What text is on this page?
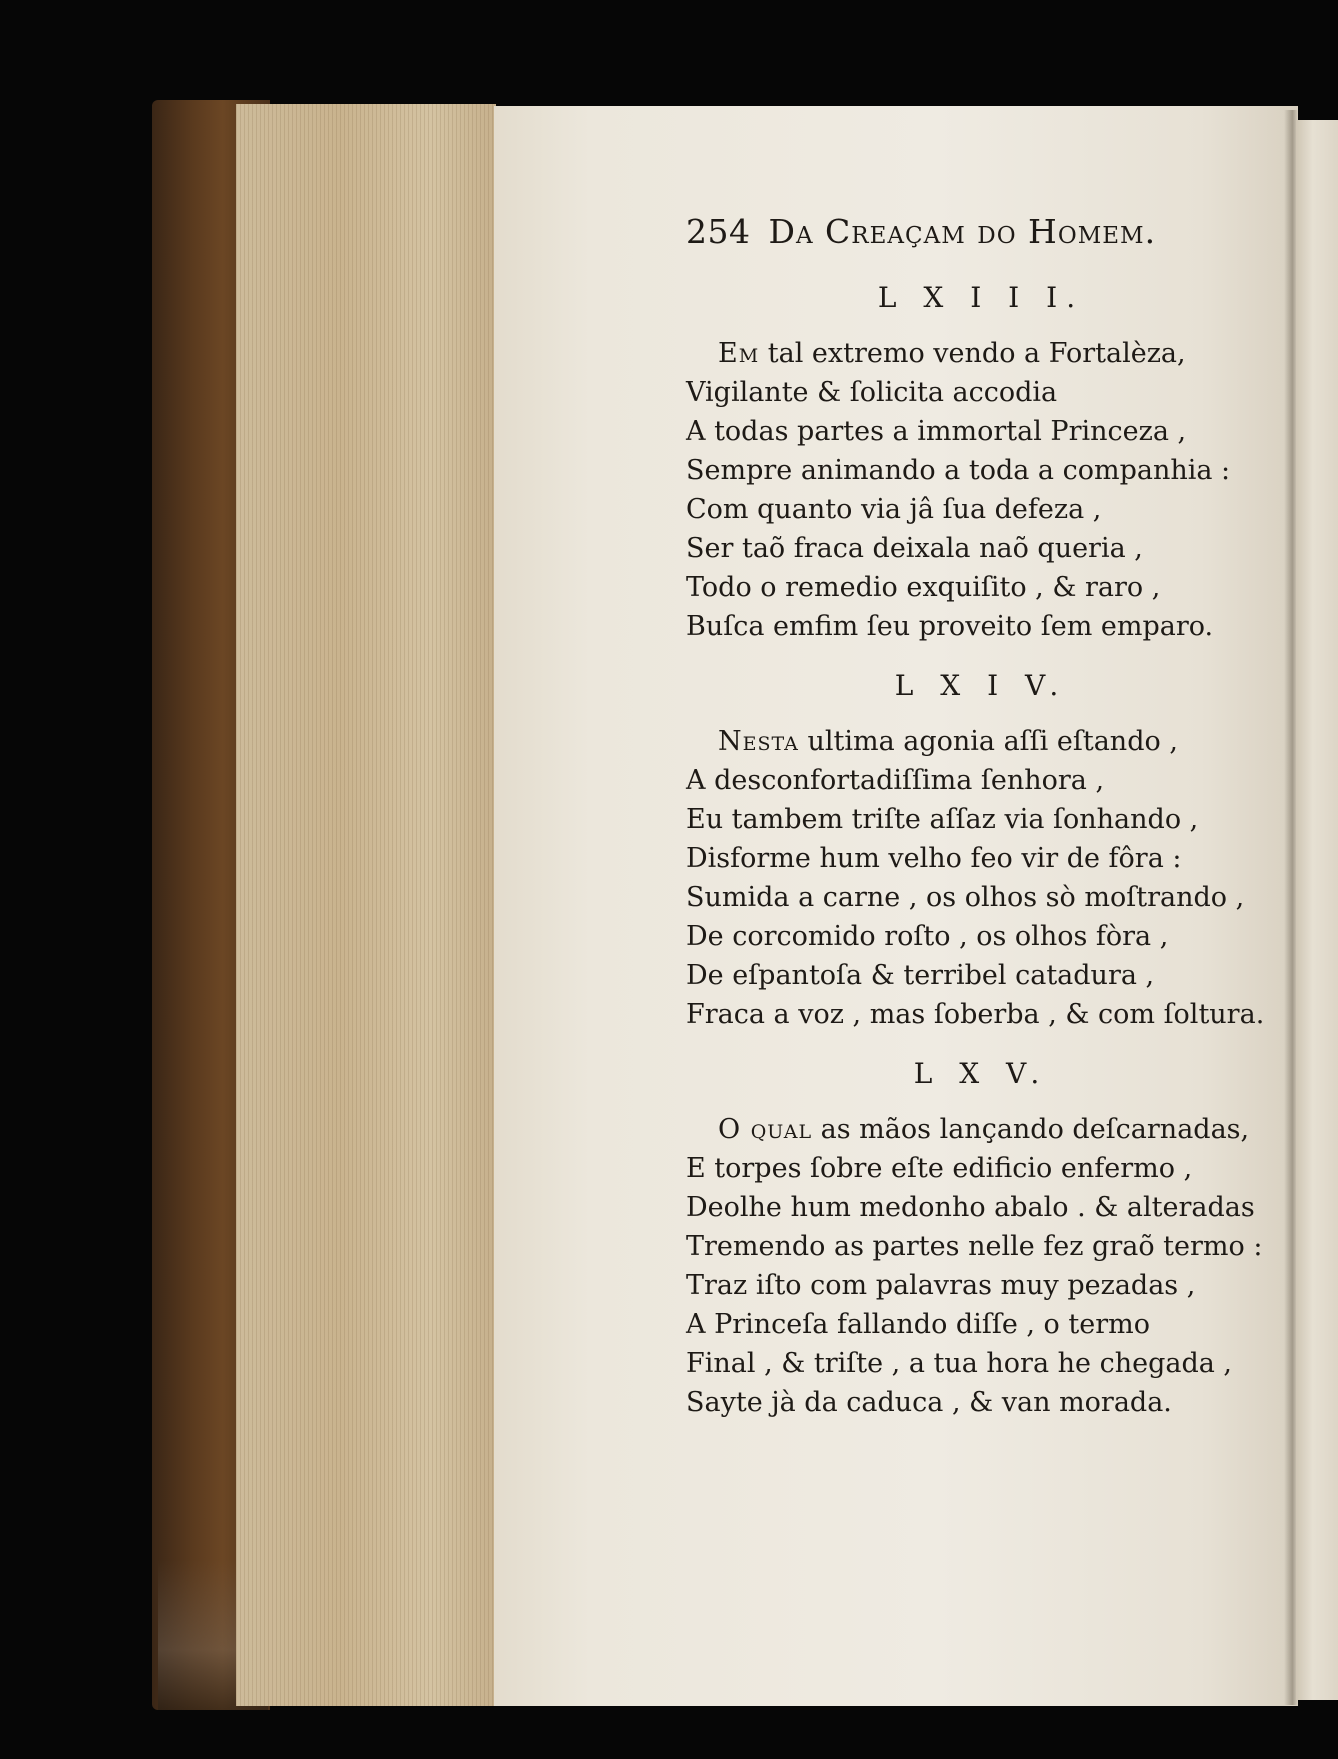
254 Da Creaçam do Homem.
L X I I I.
Em tal extremo vendo a Fortalèza,
Vigilante & ſolicita accodia
A todas partes a immortal Princeza ,
Sempre animando a toda a companhia :
Com quanto via jâ ſua defeza ,
Ser taõ fraca deixala naõ queria ,
Todo o remedio exquiſito , & raro ,
Buſca emfim ſeu proveito ſem emparo.
L X I V.
Nesta ultima agonia aſſi eſtando ,
A desconfortadiſſima ſenhora ,
Eu tambem triſte aſſaz via ſonhando ,
Disforme hum velho feo vir de fôra :
Sumida a carne , os olhos sò moſtrando ,
De corcomido roſto , os olhos fòra ,
De eſpantoſa & terribel catadura ,
Fraca a voz , mas ſoberba , & com ſoltura.
L X V.
O qual as mãos lançando deſcarnadas,
E torpes ſobre eſte edificio enfermo ,
Deolhe hum medonho abalo . & alteradas
Tremendo as partes nelle fez graõ termo :
Traz iſto com palavras muy pezadas ,
A Princeſa fallando diſſe , o termo
Final , & triſte , a tua hora he chegada ,
Sayte jà da caduca , & van morada.
